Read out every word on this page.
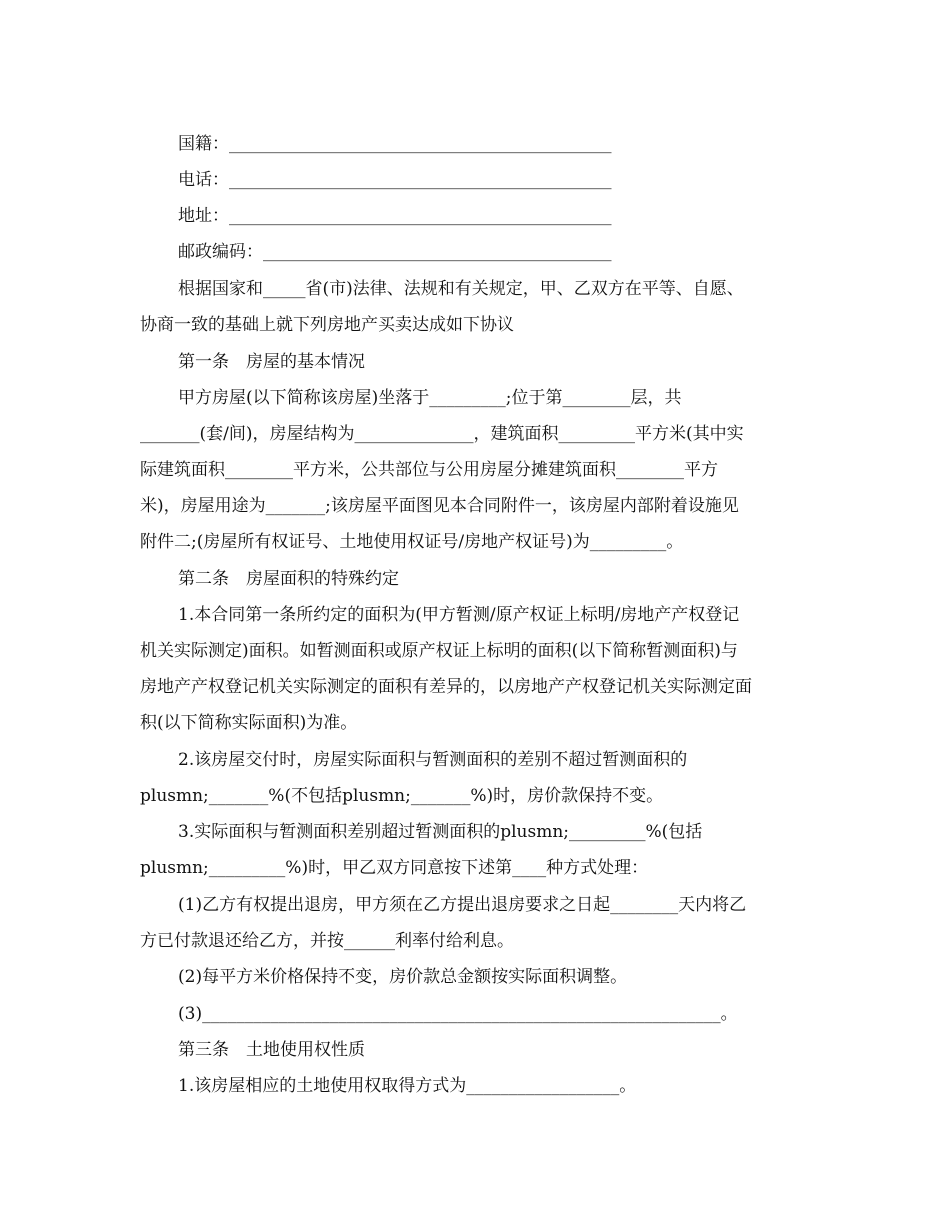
国籍：_____________________________________________
电话：_____________________________________________
地址：_____________________________________________
邮政编码：_________________________________________
根据国家和_____省(市)法律、法规和有关规定，甲、乙双方在平等、自愿、
协商一致的基础上就下列房地产买卖达成如下协议
第一条　房屋的基本情况
甲方房屋(以下简称该房屋)坐落于_________;位于第________层，共
_______(套/间)，房屋结构为______________，建筑面积_________平方米(其中实
际建筑面积________平方米，公共部位与公用房屋分摊建筑面积________平方
米)，房屋用途为_______;该房屋平面图见本合同附件一，该房屋内部附着设施见
附件二;(房屋所有权证号、土地使用权证号/房地产权证号)为_________。
第二条　房屋面积的特殊约定
1.本合同第一条所约定的面积为(甲方暂测/原产权证上标明/房地产产权登记
机关实际测定)面积。如暂测面积或原产权证上标明的面积(以下简称暂测面积)与
房地产产权登记机关实际测定的面积有差异的，以房地产产权登记机关实际测定面
积(以下简称实际面积)为准。
2.该房屋交付时，房屋实际面积与暂测面积的差别不超过暂测面积的
plusmn;_______%(不包括plusmn;_______%)时，房价款保持不变。
3.实际面积与暂测面积差别超过暂测面积的plusmn;_________%(包括
plusmn;_________%)时，甲乙双方同意按下述第____种方式处理：
(1)乙方有权提出退房，甲方须在乙方提出退房要求之日起________天内将乙
方已付款退还给乙方，并按______利率付给利息。
(2)每平方米价格保持不变，房价款总金额按实际面积调整。
(3)_____________________________________________________________。
第三条　土地使用权性质
1.该房屋相应的土地使用权取得方式为__________________。
